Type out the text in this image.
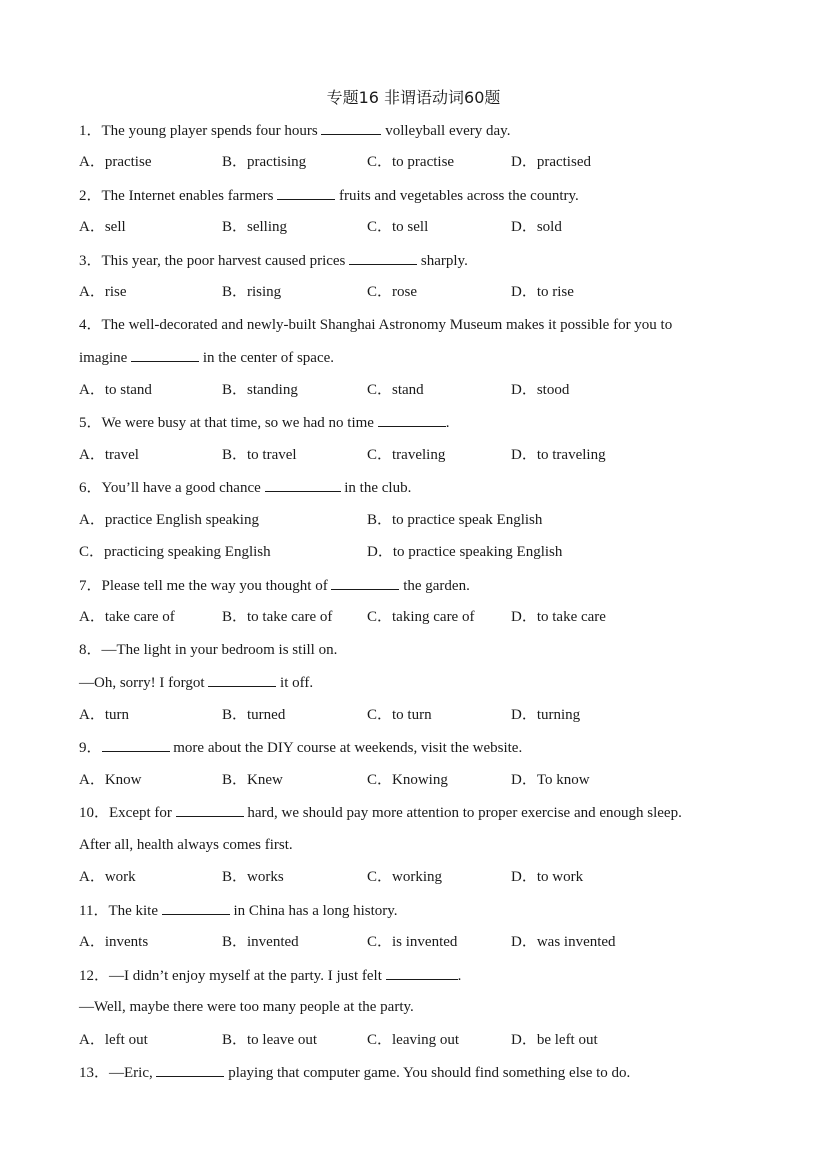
专题16 非谓语动词60题
1．The young player spends four hours	volleyball every day.
A．practise	B．practising	C．to practise	D．practised
2．The Internet enables farmers	fruits and vegetables across the country.
A．sell	B．selling	C．to sell	D．sold
3．This year, the poor harvest caused prices	sharply.
A．rise	B．rising	C．rose	D．to rise
4．The well-decorated and newly-built Shanghai Astronomy Museum makes it possible for you to
imagine	in the center of space.
A．to stand	B．standing	C．stand	D．stood
5．We were busy at that time, so we had no time	.
A．travel	B．to travel	C．traveling	D．to traveling
6．You’ll have a good chance	in the club.
A．practice English speaking	B．to practice speak English
C．practicing speaking English	D．to practice speaking English
7．Please tell me the way you thought of	the garden.
A．take care of	B．to take care of C．taking care of D．to take care
8．—The light in your bedroom is still on.
—Oh, sorry! I forgot	it off.
A．turn	B．turned	C．to turn	D．turning
9．	more about the DIY course at weekends, visit the website.
A．Know	B．Knew	C．Knowing	D．To know
10．Except for	hard, we should pay more attention to proper exercise and enough sleep.
After all, health always comes first.
A．work	B．works	C．working	D．to work
11．The kite	in China has a long history.
A．invents	B．invented	C．is invented	D．was invented
12．—I didn’t enjoy myself at the party. I just felt	.
—Well, maybe there were too many people at the party.
A．left out	B．to leave out	C．leaving out	D．be left out
13．—Eric,	playing that computer game. You should find something else to do.
